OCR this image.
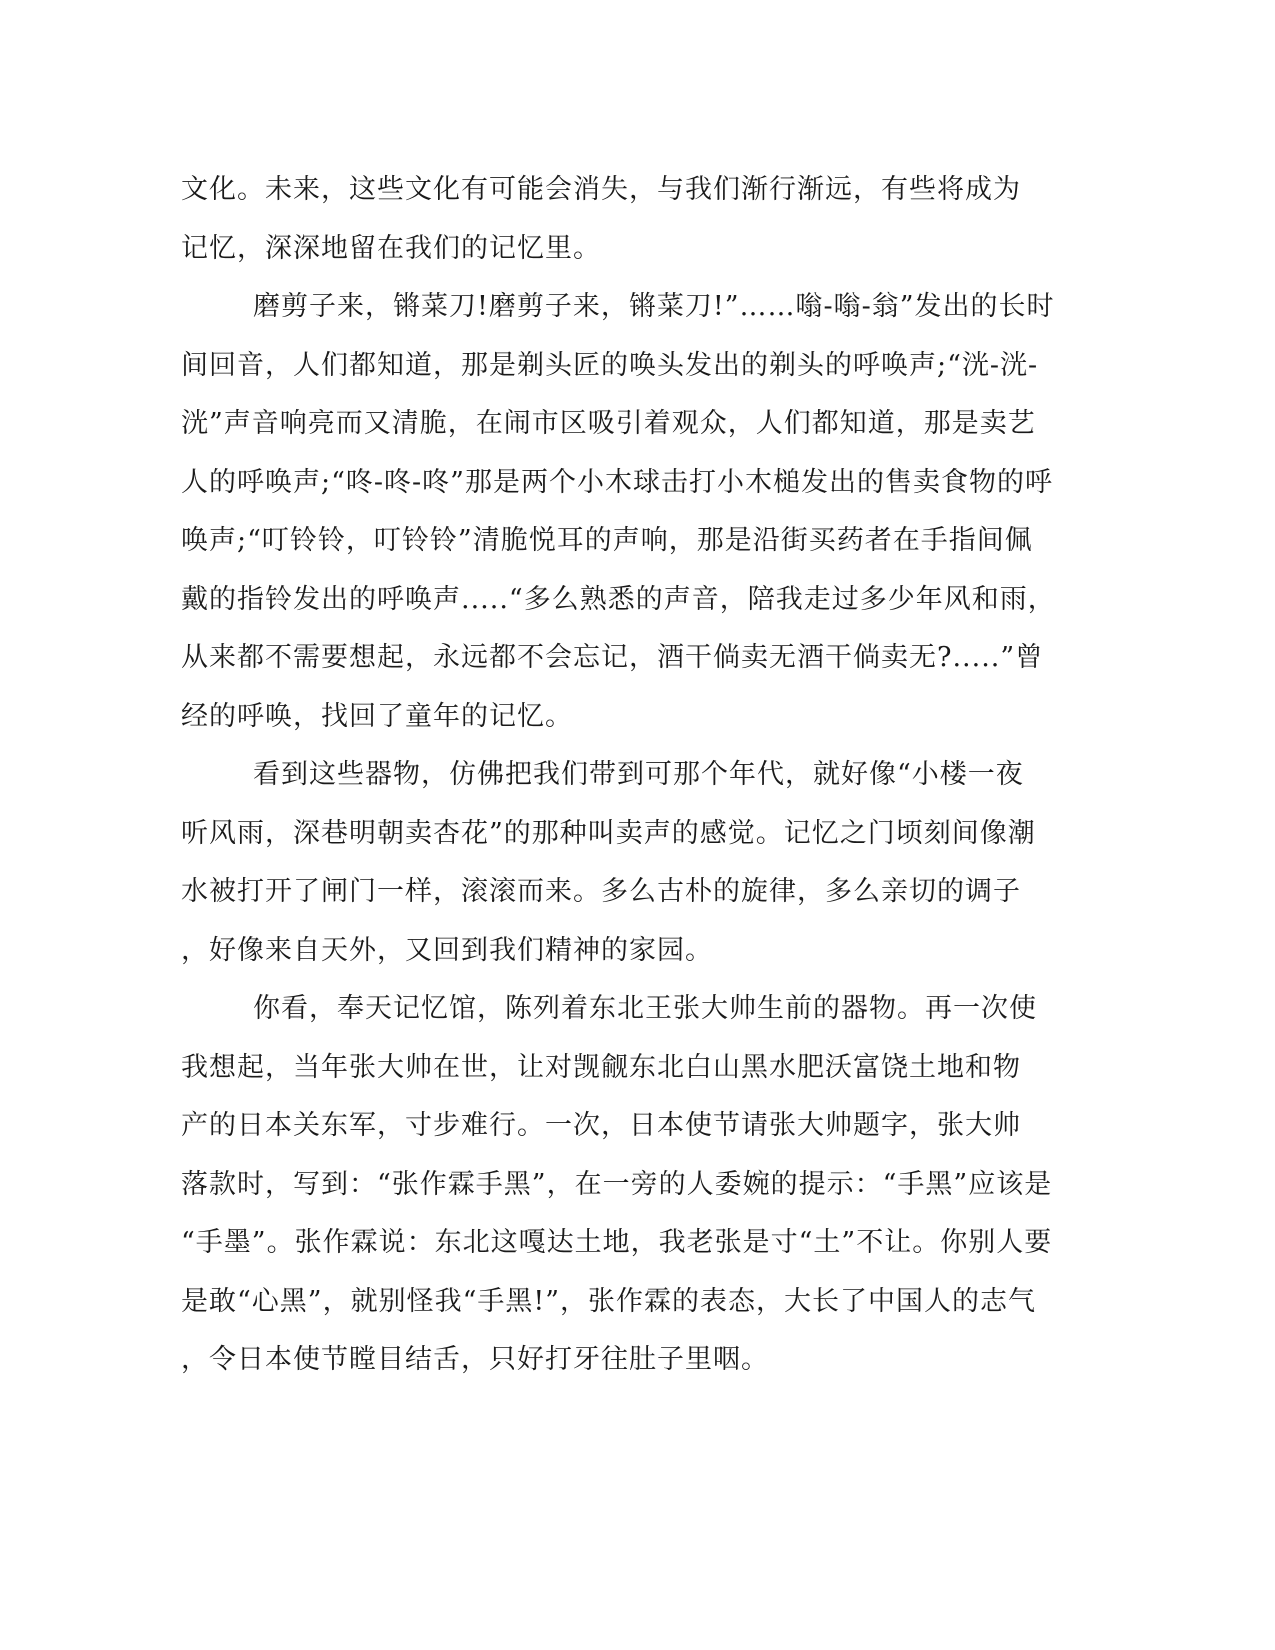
文化。未来，这些文化有可能会消失，与我们渐行渐远，有些将成为
记忆，深深地留在我们的记忆里。
磨剪子来，锵菜刀!磨剪子来，锵菜刀!”……嗡-嗡-翁”发出的长时
间回音，人们都知道，那是剃头匠的唤头发出的剃头的呼唤声;“洸-洸-
洸”声音响亮而又清脆，在闹市区吸引着观众，人们都知道，那是卖艺
人的呼唤声;“咚-咚-咚”那是两个小木球击打小木槌发出的售卖食物的呼
唤声;“叮铃铃，叮铃铃”清脆悦耳的声响，那是沿街买药者在手指间佩
戴的指铃发出的呼唤声.....“多么熟悉的声音，陪我走过多少年风和雨，
从来都不需要想起，永远都不会忘记，酒干倘卖无酒干倘卖无?.....”曾
经的呼唤，找回了童年的记忆。
看到这些器物，仿佛把我们带到可那个年代，就好像“小楼一夜
听风雨，深巷明朝卖杏花”的那种叫卖声的感觉。记忆之门顷刻间像潮
水被打开了闸门一样，滚滚而来。多么古朴的旋律，多么亲切的调子
，好像来自天外，又回到我们精神的家园。
你看，奉天记忆馆，陈列着东北王张大帅生前的器物。再一次使
我想起，当年张大帅在世，让对觊觎东北白山黑水肥沃富饶土地和物
产的日本关东军，寸步难行。一次，日本使节请张大帅题字，张大帅
落款时，写到：“张作霖手黑”，在一旁的人委婉的提示：“手黑”应该是
“手墨”。张作霖说：东北这嘎达土地，我老张是寸“土”不让。你别人要
是敢“心黑”，就别怪我“手黑!”，张作霖的表态，大长了中国人的志气
，令日本使节瞠目结舌，只好打牙往肚子里咽。
